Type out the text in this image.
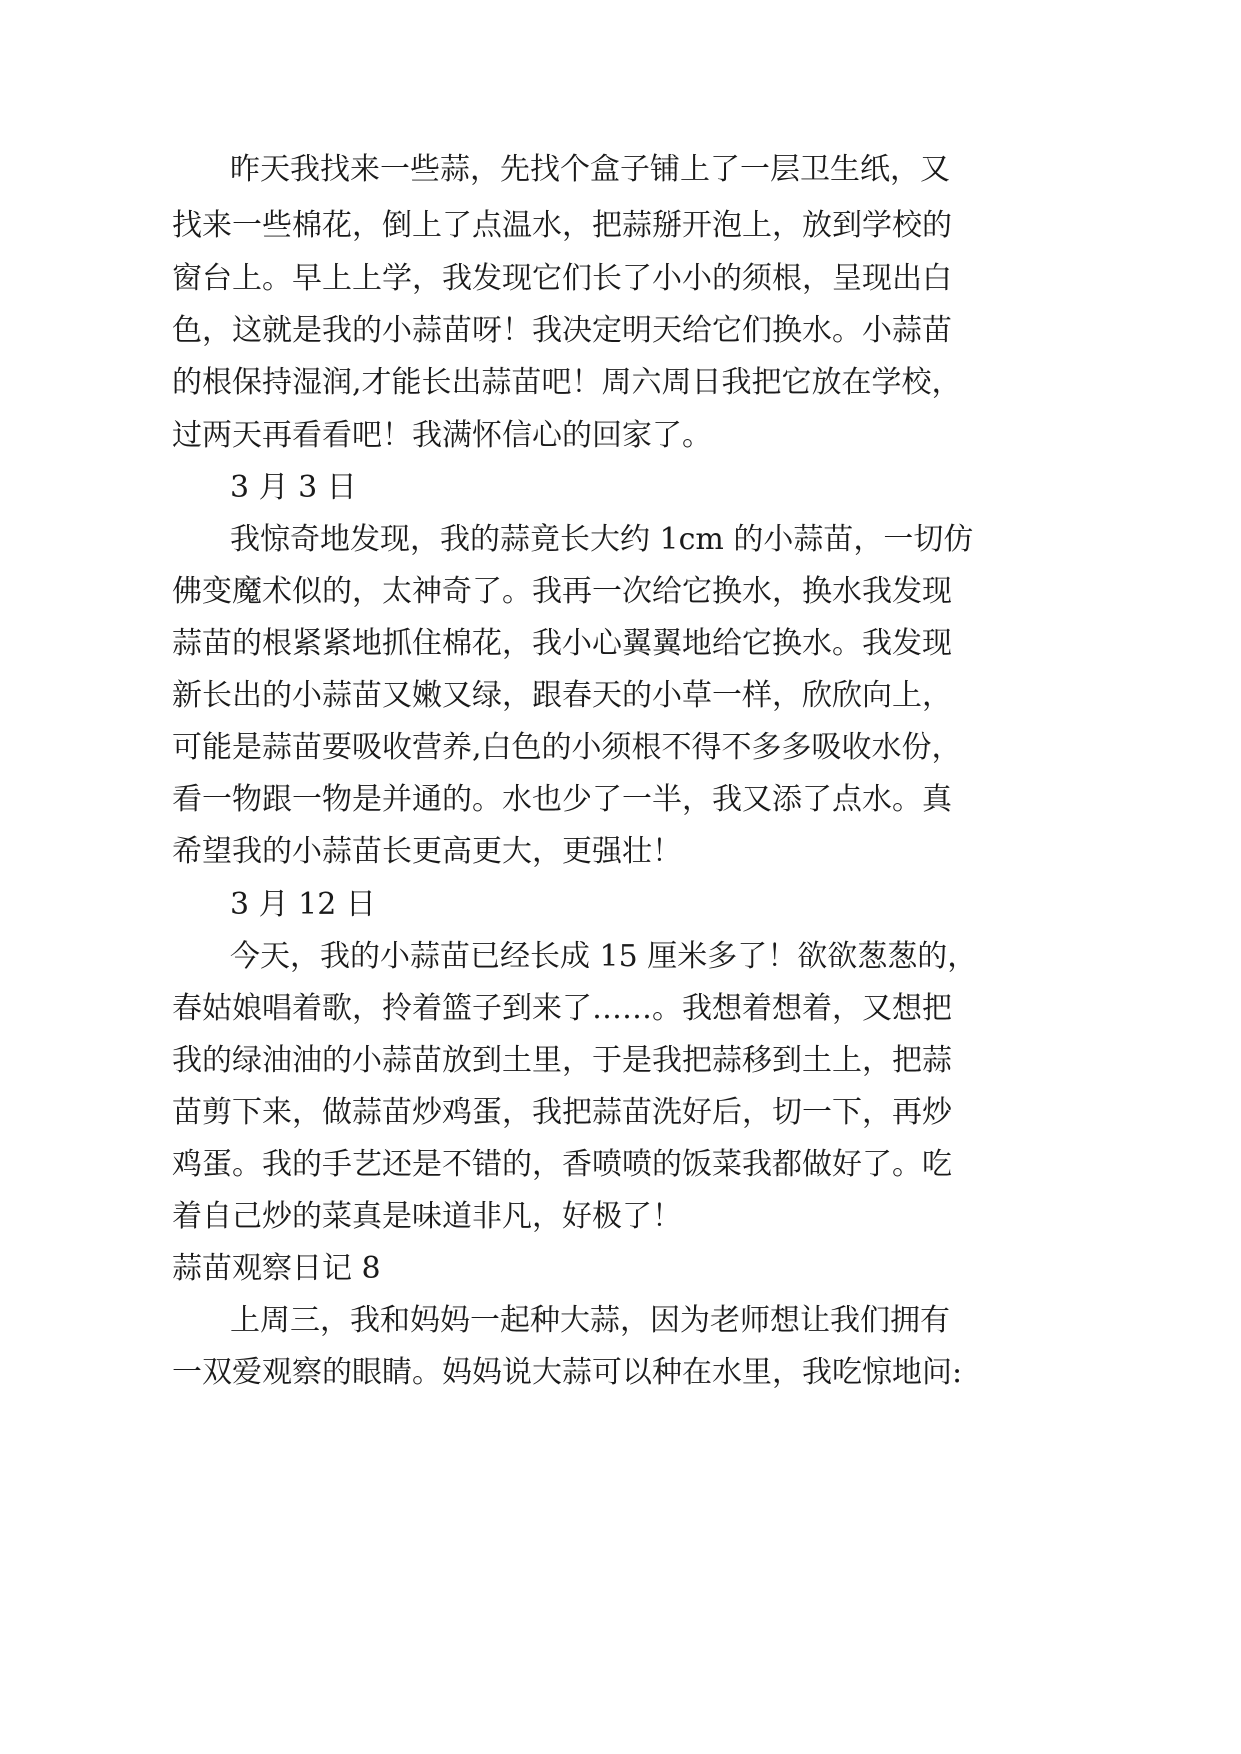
昨天我找来一些蒜，先找个盒子铺上了一层卫生纸，又
找来一些棉花，倒上了点温水，把蒜掰开泡上，放到学校的
窗台上。早上上学，我发现它们长了小小的须根，呈现出白
色，这就是我的小蒜苗呀！我决定明天给它们换水。小蒜苗
的根保持湿润,才能长出蒜苗吧！周六周日我把它放在学校，
过两天再看看吧！我满怀信心的回家了。
3 月 3 日
我惊奇地发现，我的蒜竟长大约 1cm 的小蒜苗，一切仿
佛变魔术似的，太神奇了。我再一次给它换水，换水我发现
蒜苗的根紧紧地抓住棉花，我小心翼翼地给它换水。我发现
新长出的小蒜苗又嫩又绿，跟春天的小草一样，欣欣向上，
可能是蒜苗要吸收营养,白色的小须根不得不多多吸收水份，
看一物跟一物是并通的。水也少了一半，我又添了点水。真
希望我的小蒜苗长更高更大，更强壮！
3 月 12 日
今天，我的小蒜苗已经长成 15 厘米多了！欲欲葱葱的，
春姑娘唱着歌，拎着篮子到来了……。我想着想着，又想把
我的绿油油的小蒜苗放到土里，于是我把蒜移到土上，把蒜
苗剪下来，做蒜苗炒鸡蛋，我把蒜苗洗好后，切一下，再炒
鸡蛋。我的手艺还是不错的，香喷喷的饭菜我都做好了。吃
着自己炒的菜真是味道非凡，好极了！
蒜苗观察日记 8
上周三，我和妈妈一起种大蒜，因为老师想让我们拥有
一双爱观察的眼睛。妈妈说大蒜可以种在水里，我吃惊地问:
